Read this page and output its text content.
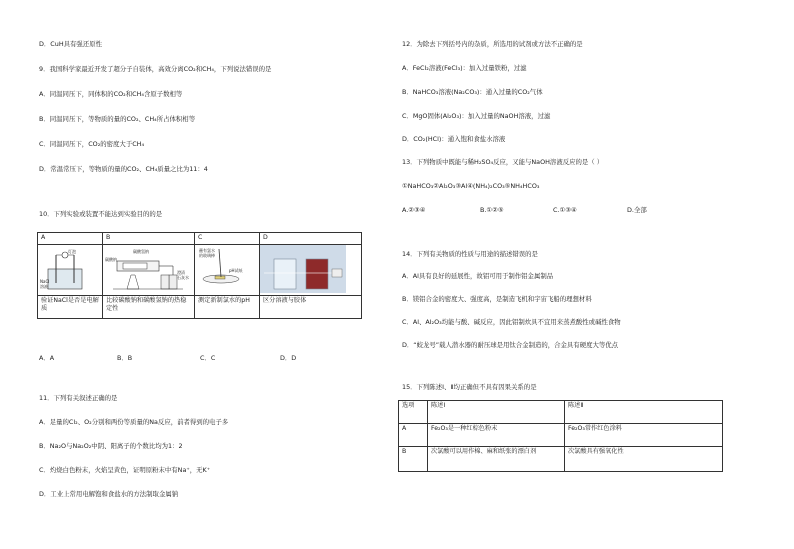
D．CuH具有强还原性
9．我国科学家最近开发了超分子自装体，高效分离CO₂和CH₄，下列说法错误的是
A．同温同压下，同体积的CO₂和CH₄含原子数相等
B．同温同压下，等物质的量的CO₂、CH₄所占体积相等
C．同温同压下，CO₂的密度大于CH₄
D．常温常压下，等物质的量的CO₂、CH₄质量之比为11：4
10．下列实验或装置不能达到实验目的的是
A	B	C	D

灯泡
NaCl
溶液	碳酸氢钠
碳酸钠
澄清
石灰水	蘸有氯水
的玻璃棒
pH试纸

验证NaCl是否是电解质	比较碳酸钠和碳酸氢钠的热稳定性	测定新制氯水的pH	区分溶液与胶体
A．A	B．B	C．C	D．D
11．下列有关叙述正确的是
A．足量的Cl₂、O₂分别和两份等质量的Na反应，前者得到的电子多
B．Na₂O与Na₂O₂中阴、阳离子的个数比均为1：2
C．灼烧白色粉末，火焰呈黄色，证明原粉末中有Na⁺，无K⁺
D．工业上常用电解饱和食盐水的方法制取金属钠
12．为除去下列括号内的杂质，所选用的试剂或方法不正确的是
A．FeCl₂溶液(FeCl₃)：加入过量铁粉，过滤
B．NaHCO₃溶液(Na₂CO₃)：通入过量的CO₂气体
C．MgO固体(Al₂O₃)：加入过量的NaOH溶液，过滤
D．CO₂(HCl)：通入饱和食盐水溶液
13．下列物质中既能与稀H₂SO₄反应，又能与NaOH溶液反应的是（ ）
①NaHCO₃②Al₂O₃③Al④(NH₄)₂CO₃⑤NH₄HCO₃
A.②③④	B.①②⑤	C.①③④	D.全部
14．下列有关物质的性质与用途的描述错误的是
A．Al具有良好的延展性，故铝可用于制作铝金属制品
B．镁铝合金的密度大、强度高，是制造飞机和宇宙飞船的理想材料
C．Al、Al₂O₃均能与酸、碱反应，因此铝制炊具不宜用来蒸煮酸性或碱性食物
D．“蛟龙号”载人潜水器的耐压球是用钛合金制造的，合金具有硬度大等优点
15．下列陈述Ⅰ、Ⅱ均正确但不具有因果关系的是
选项	陈述Ⅰ	陈述Ⅱ
A	Fe₂O₃是一种红棕色粉末	Fe₂O₃常作红色涂料
B	次氯酸可以用作棉、麻和纸张的漂白剂	次氯酸具有强氧化性
